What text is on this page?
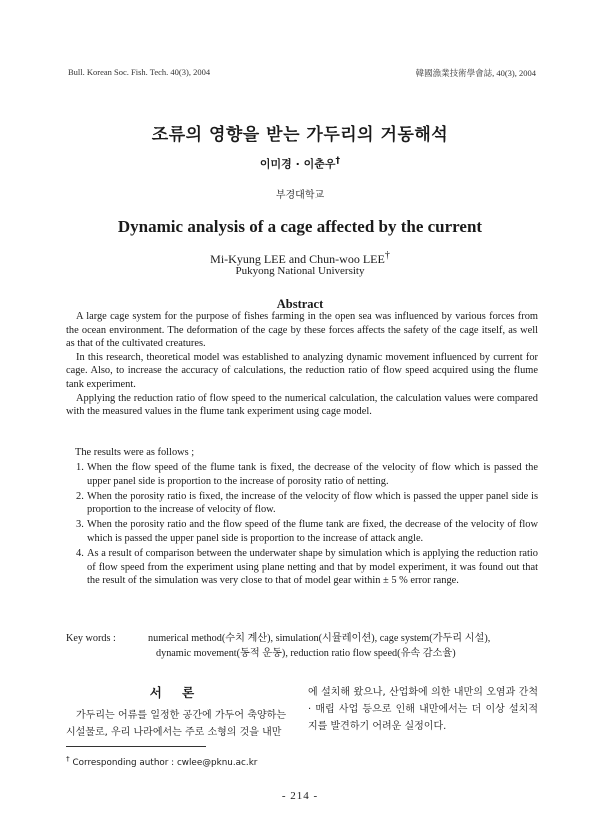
Bull. Korean Soc. Fish. Tech. 40(3), 2004	韓國漁業技術學會誌, 40(3), 2004
조류의 영향을 받는 가두리의 거동해석
이미경 · 이춘우†
부경대학교
Dynamic analysis of a cage affected by the current
Mi-Kyung LEE and Chun-woo LEE†
Pukyong National University
Abstract

A large cage system for the purpose of fishes farming in the open sea was influenced by various forces from the ocean environment. The deformation of the cage by these forces affects the safety of the cage itself, as well as that of the cultivated creatures.

In this research, theoretical model was established to analyzing dynamic movement influenced by current for cage. Also, to increase the accuracy of calculations, the reduction ratio of flow speed acquired using the flume tank experiment.

Applying the reduction ratio of flow speed to the numerical calculation, the calculation values were compared with the measured values in the flume tank experiment using cage model.

The results were as follows ;
1. When the flow speed of the flume tank is fixed, the decrease of the velocity of flow which is passed the upper panel side is proportion to the increase of porosity ratio of netting.
2. When the porosity ratio is fixed, the increase of the velocity of flow which is passed the upper panel side is proportion to the increase of velocity of flow.
3. When the porosity ratio and the flow speed of the flume tank are fixed, the decrease of the velocity of flow which is passed the upper panel side is proportion to the increase of attack angle.
4. As a result of comparison between the underwater shape by simulation which is applying the reduction ratio of flow speed from the experiment using plane netting and that by model experiment, it was found out that the result of the simulation was very close to that of model gear within ± 5 % error range.
Key words :	numerical method(수치 계산), simulation(시뮬레이션), cage system(가두리 시설),
dynamic movement(동적 운동), reduction ratio flow speed(유속 감소율)
서 론

가두리는 어류를 일정한 공간에 가두어 축양하는 시설물로, 우리 나라에서는 주로 소형의 것을 내만

에 설치해 왔으나, 산업화에 의한 내만의 오염과 간척 · 매립 사업 등으로 인해 내만에서는 더 이상 설치적지를 발견하기 어려운 실정이다.

† Corresponding author : cwlee@pknu.ac.kr
- 214 -
